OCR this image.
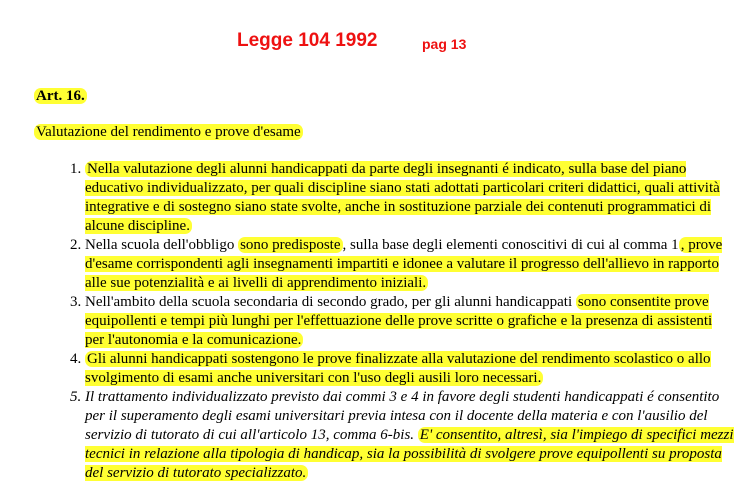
Legge 104 1992	pag 13
Art. 16.
Valutazione del rendimento e prove d'esame
1. Nella valutazione degli alunni handicappati da parte degli insegnanti é indicato, sulla base del piano educativo individualizzato, per quali discipline siano stati adottati particolari criteri didattici, quali attività integrative e di sostegno siano state svolte, anche in sostituzione parziale dei contenuti programmatici di alcune discipline.
2. Nella scuola dell'obbligo sono predisposte , sulla base degli elementi conoscitivi di cui al comma 1 , prove d'esame corrispondenti agli insegnamenti impartiti e idonee a valutare il progresso dell'allievo in rapporto alle sue potenzialità e ai livelli di apprendimento iniziali.
3. Nell'ambito della scuola secondaria di secondo grado, per gli alunni handicappati sono consentite prove equipollenti e tempi più lunghi per l'effettuazione delle prove scritte o grafiche e la presenza di assistenti per l'autonomia e la comunicazione.
4. Gli alunni handicappati sostengono le prove finalizzate alla valutazione del rendimento scolastico o allo svolgimento di esami anche universitari con l'uso degli ausili loro necessari.
5. Il trattamento individualizzato previsto dai commi 3 e 4 in favore degli studenti handicappati é consentito per il superamento degli esami universitari previa intesa con il docente della materia e con l'ausilio del servizio di tutorato di cui all'articolo 13, comma 6-bis. E' consentito, altresì, sia l'impiego di specifici mezzi tecnici in relazione alla tipologia di handicap, sia la possibilità di svolgere prove equipollenti su proposta del servizio di tutorato specializzato.
